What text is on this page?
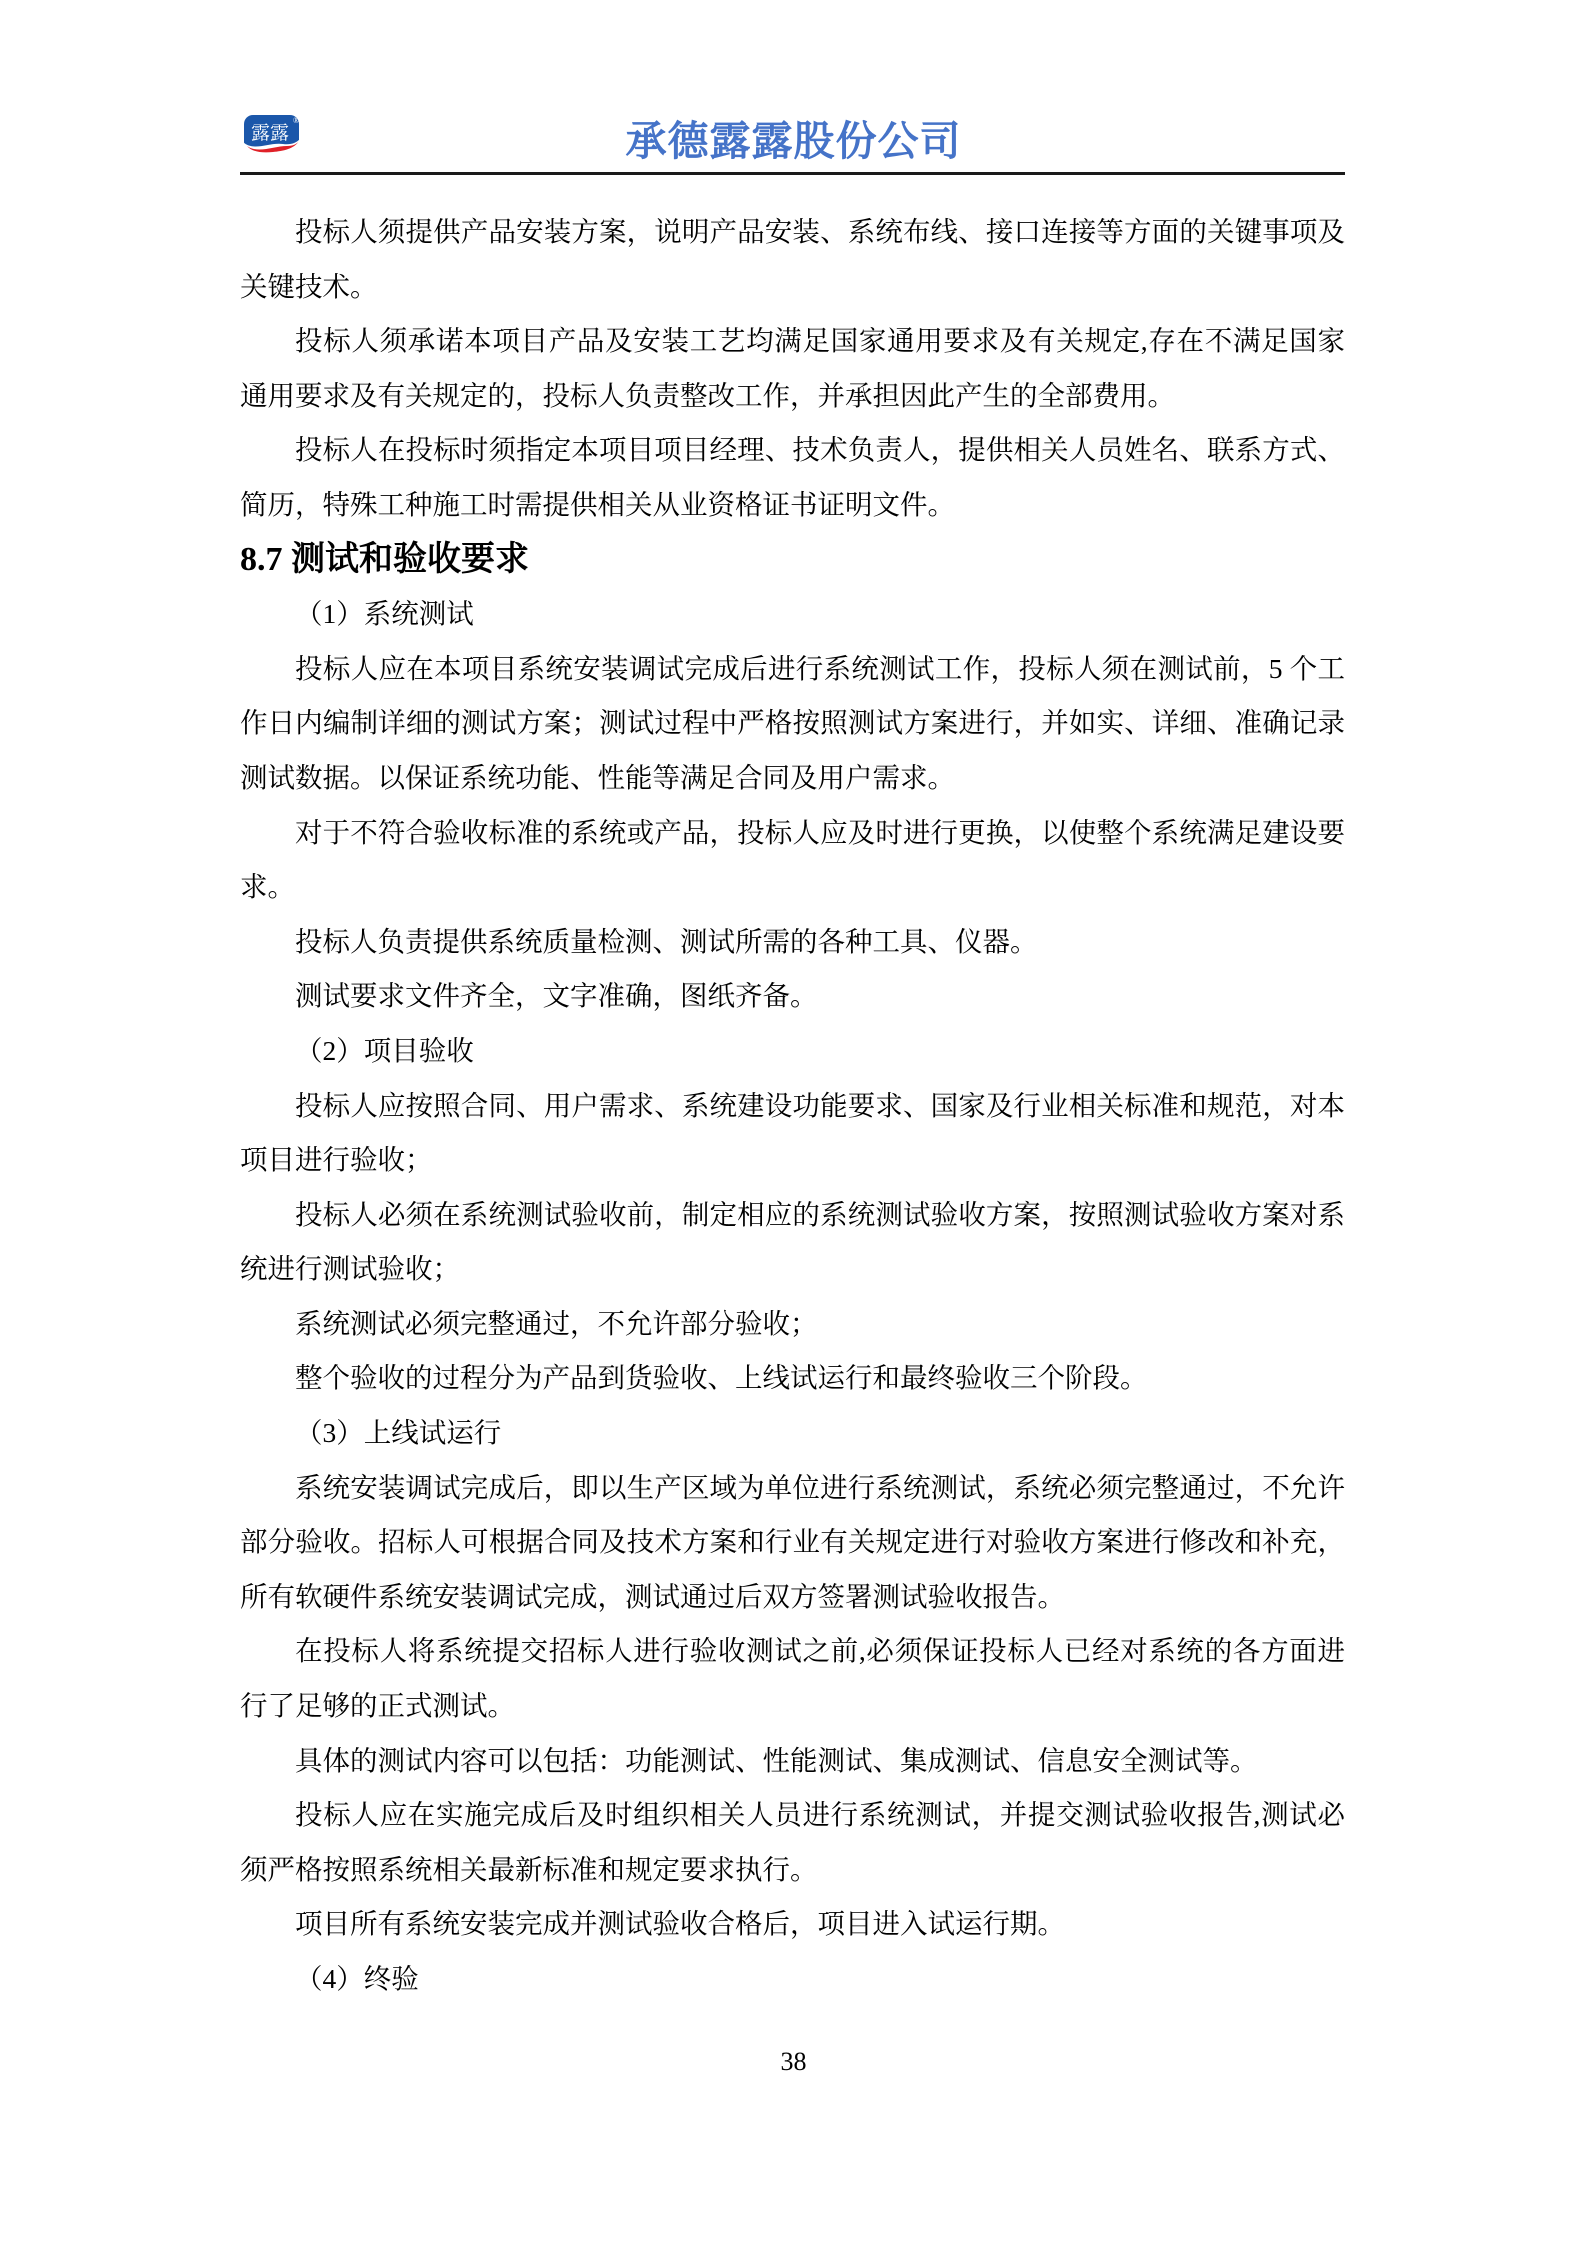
露露
®	承德露露股份公司

投标人须提供产品安装方案，说明产品安装、系统布线、接口连接等方面的关键事项及关键技术。

投标人须承诺本项目产品及安装工艺均满足国家通用要求及有关规定,存在不满足国家通用要求及有关规定的，投标人负责整改工作，并承担因此产生的全部费用。

投标人在投标时须指定本项目项目经理、技术负责人，提供相关人员姓名、联系方式、简历，特殊工种施工时需提供相关从业资格证书证明文件。

8.7 测试和验收要求

（1）系统测试

投标人应在本项目系统安装调试完成后进行系统测试工作，投标人须在测试前，5 个工作日内编制详细的测试方案；测试过程中严格按照测试方案进行，并如实、详细、准确记录测试数据。以保证系统功能、性能等满足合同及用户需求。

对于不符合验收标准的系统或产品，投标人应及时进行更换，以使整个系统满足建设要求。

投标人负责提供系统质量检测、测试所需的各种工具、仪器。

测试要求文件齐全，文字准确，图纸齐备。

（2）项目验收

投标人应按照合同、用户需求、系统建设功能要求、国家及行业相关标准和规范，对本项目进行验收；

投标人必须在系统测试验收前，制定相应的系统测试验收方案，按照测试验收方案对系统进行测试验收；

系统测试必须完整通过，不允许部分验收；

整个验收的过程分为产品到货验收、上线试运行和最终验收三个阶段。

（3）上线试运行

系统安装调试完成后，即以生产区域为单位进行系统测试，系统必须完整通过，不允许部分验收。招标人可根据合同及技术方案和行业有关规定进行对验收方案进行修改和补充，所有软硬件系统安装调试完成，测试通过后双方签署测试验收报告。

在投标人将系统提交招标人进行验收测试之前,必须保证投标人已经对系统的各方面进行了足够的正式测试。

具体的测试内容可以包括：功能测试、性能测试、集成测试、信息安全测试等。

投标人应在实施完成后及时组织相关人员进行系统测试，并提交测试验收报告,测试必须严格按照系统相关最新标准和规定要求执行。

项目所有系统安装完成并测试验收合格后，项目进入试运行期。

（4）终验

38
